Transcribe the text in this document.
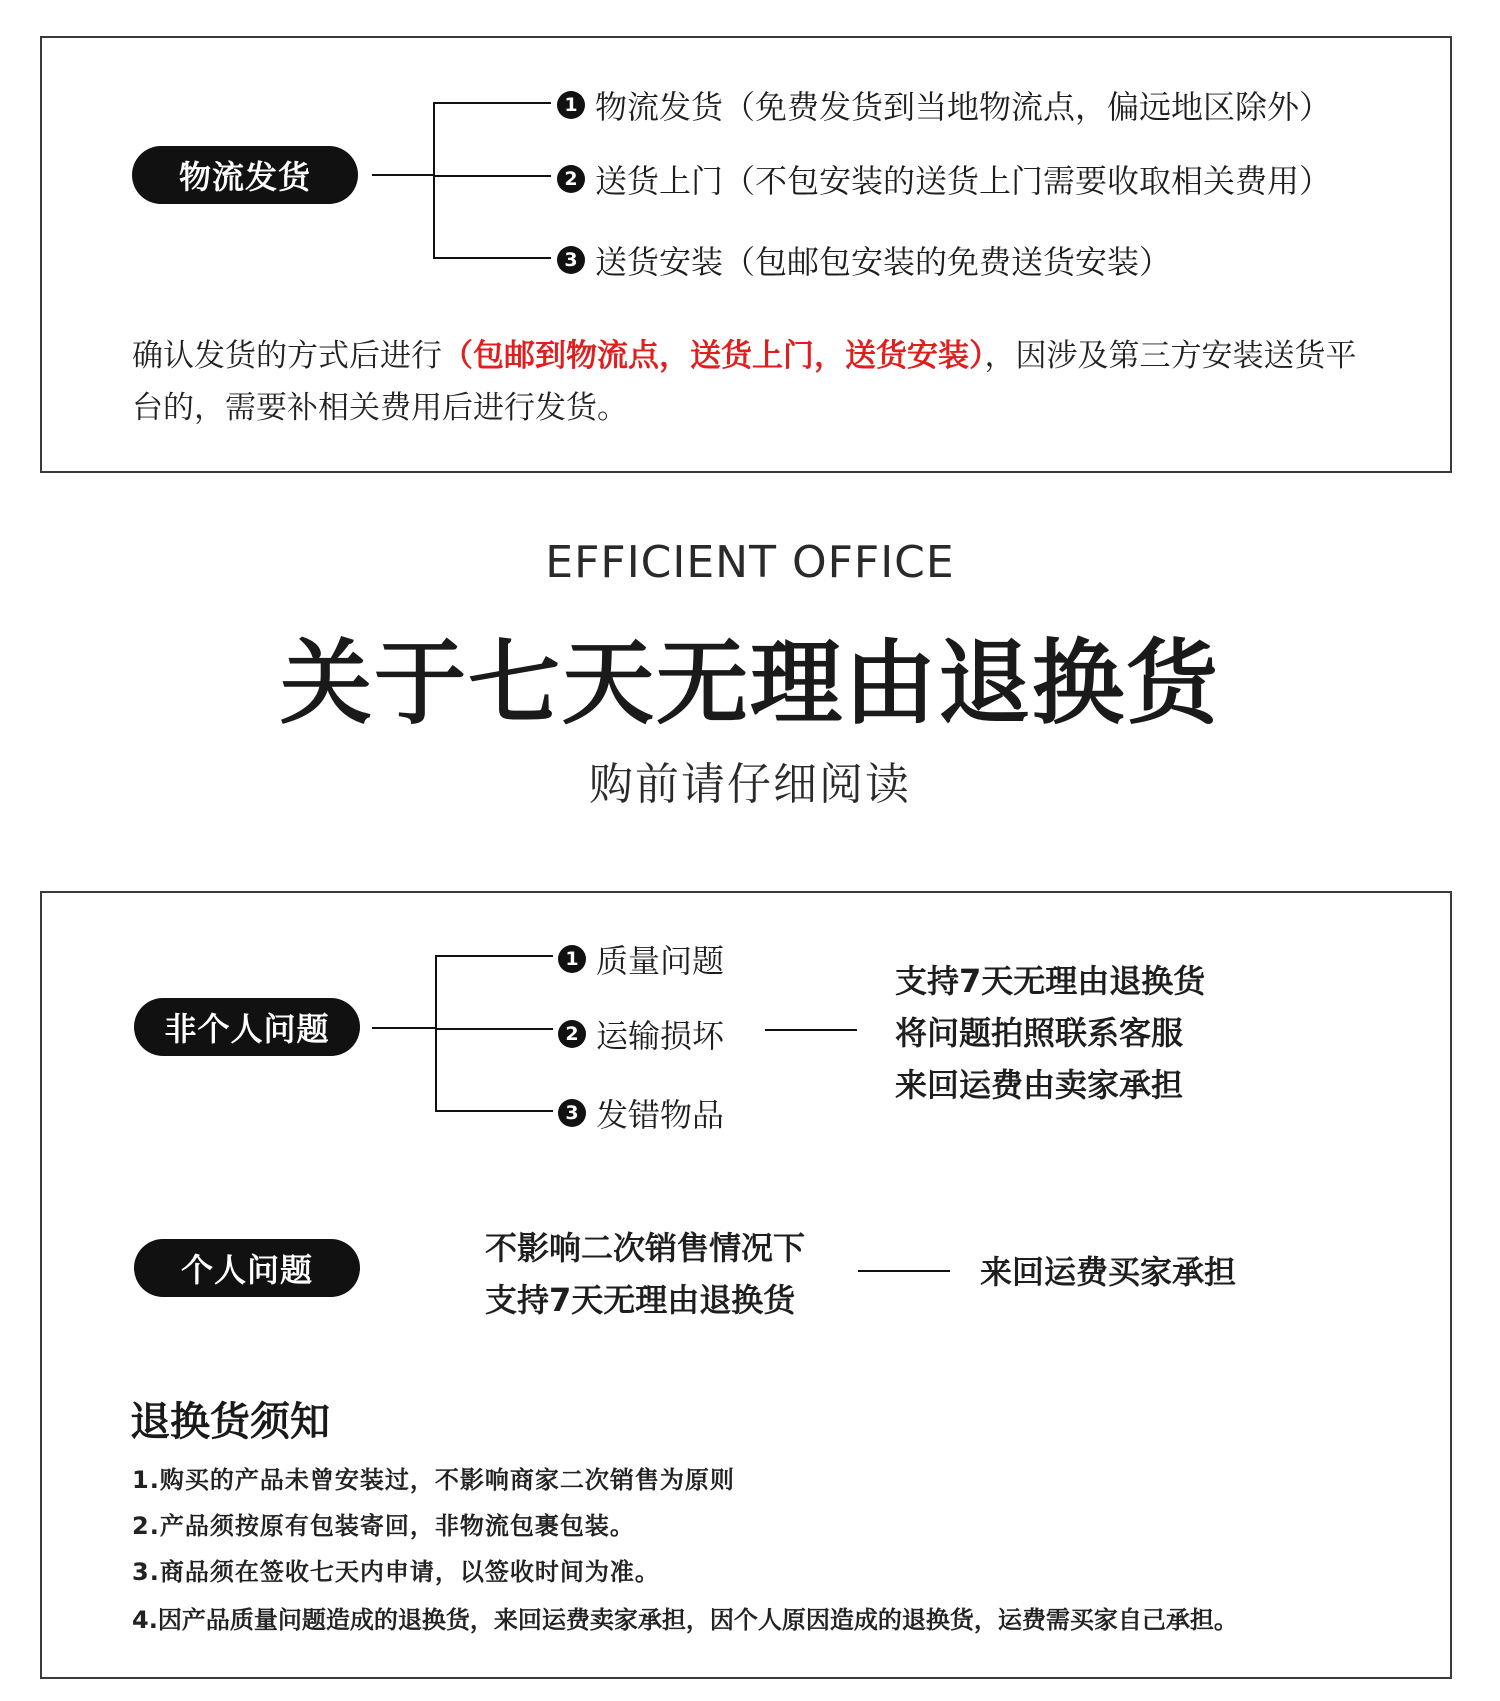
物流发货
1 物流发货（免费发货到当地物流点，偏远地区除外）
2 送货上门（不包安装的送货上门需要收取相关费用）
3 送货安装（包邮包安装的免费送货安装）
确认发货的方式后进行（包邮到物流点，送货上门，送货安装），因涉及第三方安装送货平台的，需要补相关费用后进行发货。
EFFICIENT OFFICE
关于七天无理由退换货
购前请仔细阅读
非个人问题
1 质量问题
2 运输损坏
3 发错物品
支持7天无理由退换货
将问题拍照联系客服
来回运费由卖家承担
个人问题
不影响二次销售情况下
支持7天无理由退换货
来回运费买家承担
退换货须知
1.购买的产品未曾安装过，不影响商家二次销售为原则
2.产品须按原有包装寄回，非物流包裹包装。
3.商品须在签收七天内申请，以签收时间为准。
4.因产品质量问题造成的退换货，来回运费卖家承担，因个人原因造成的退换货，运费需买家自己承担。
